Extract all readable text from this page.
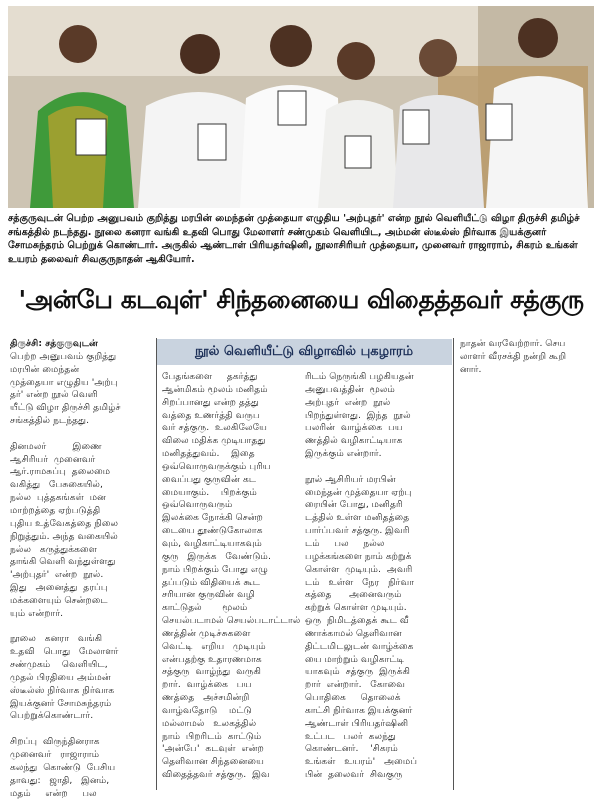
சத்குருவுடன் பெற்ற அனுபவம் குறித்து மரபின் மைந்தன் முத்தையா எழுதிய 'அற்புதர்' என்ற நூல் வெளியீட்டு விழா திருச்சி தமிழ்ச்
சங்கத்தில் நடந்தது. நூலை கனரா வங்கி உதவி பொது மேலாளர் சண்முகம் வெளியிட, அம்மன் ஸ்டீல்ஸ் நிர்வாக இயக்குனர்
சோமசுந்தரம் பெற்றுக் கொண்டார். அருகில் ஆண்டாள் பிரியதர்ஷினி, நூலாசிரியர் முத்தையா, முனைவர் ராஜாராம், சிகரம் உங்கள்
உயரம் தலைவர் சிவகுருநாதன் ஆகியோர்.
'அன்பே கடவுள்' சிந்தனையை விதைத்தவர் சத்குரு
நூல் வெளியீட்டு விழாவில் புகழாரம்
திருச்சி: சத்குருவுடன்
பெற்ற அனுபவம் குறித்து
மரபின் மைந்தன்
முத்தையா எழுதிய 'அற்பு
தர்' என்ற நூல் வெளி
யீட்டு விழா திருச்சி தமிழ்ச்
சங்கத்தில் நடந்தது.

தினமலர்         இணை
ஆசிரியர்  முனைவர்
ஆர்.ராமசுப்பு  தலைமை
வகித்து   பேசுகையில்,
நல்ல  புத்தகங்கள்  மன
மாற்றத்தை ஏற்படுத்தி
புதிய உத்வேகத்தை நிலை
நிறுத்தும். அந்த வகையில்
நல்ல   கருத்துக்களை
தாங்கி வெளி வந்துள்ளது
'அற்புதர்'  என்ற  நூல்.
இது   அனைத்து  தரப்பு
மக்களையும் சென்றடை
யும் என்றார்.

நூலை   கனரா   வங்கி
உதவி   பொது   மேலாளர்
சண்முகம்    வெளியிட,
முதல் பிரதியை அம்மன்
ஸ்டீல்ஸ் நிர்வாக நிர்வாக
இயக்குனர் சோமசுந்தரம்
பெற்றுக்கொண்டார்.

சிறப்பு  விருந்தினராக
முனைவர்   ராஜாராம்
கலந்து  கொண்டு  பேசிய
தாவது:   ஜாதி,   இனம்,
மதம்     என்ற     பல
பேதங்களை     தகர்த்து
ஆன்மிகம் மூலம் மனிதம்
சிறப்பானது என்ற தத்து
வத்தை உணர்த்தி வருப
வர் சத்குரு.  உலகிலேயே
விலை மதிக்க முடியாதது
மனிதத்துவம்.    இதை
ஒவ்வொருவருக்கும் புரிய
வைப்பது குருவின் கட
மையாகும்.    பிறக்கும்
ஒவ்வொருவரும்
இலக்கை நோக்கி சென்ற
டையை தூண்டுகோலாக
வும், வழிகாட்டியாகவும்
குரு   இருக்க   வேண்டும்.
நாம் பிறக்கும் போது எழு
தப்படும் விதியைக் கூட
சரியான குருவின் வழி
காட்டுதல்       மூலம்
செயல்படாமல் செயல்படாட்டால்
ணத்தின் முடிச்சுகளை
வெட்டி   எறிய   முடியும்
என்பதற்கு உதாரணமாக
சத்குரு  வாழ்ந்து  வருகி
றார்.  வாழ்க்கை   பய
ணத்தை   அச்சமின்றி
வாழ்வதோடு    மட்டு
மல்லாமல்   உலகத்தில்
நாம்  பிறரிடம்  காட்டும்
'அன்பே'  கடவுள்  என்ற
தெளிவான சிந்தனையை
விதைத்தவர் சத்குரு.  இவ
ரிடம் நெருங்கி பழகியதன்
அனுபவத்தின்  மூலம்
அற்புதர்  என்ற  நூல்
பிறந்துள்ளது.  இந்த  நூல்
பலரின்  வாழ்க்கை  பய
ணத்தில் வழிகாட்டியாக
இருக்கும் என்றார்.

நூல் ஆசிரியர் மரபின்
மைந்தன் முத்தையா ஏற்பு
ரையின் போது, மனிதரி
டத்தில் உள்ள மனிதத்தை
பார்ப்பவர் சத்குரு. இவரி
டம்     பல     நல்ல
பழக்கங்களை நாம் கற்றுக்
கொள்ள  முடியும்.  அவரி
டம்   உள்ள   நேர   நிர்வா
கத்தை      அனைவரும்
கற்றுக் கொள்ள முடியும்.
ஒரு  நிமிடத்தைக் கூட வீ
ணாக்காமல் தெளிவான
திட்டமிடலுடன் வாழ்க்கை
யை மாற்றும் வழிகாட்டி
யாகவும்  சத்குரு  இருக்கி
றார்  என்றார்.   கோவை
பொதிகை     தொலைக்
காட்சி நிர்வாக இயக்குனர்
ஆண்டாள் பிரியதர்ஷினி
உட்பட   பலர்  கலந்து
கொண்டனர்.    'சிகரம்
உங்கள்   உயரம்'   அமைப்
பின்  தலைவர்  சிவகுரு
நாதன் வரவேற்றார். செய
லாளர் வீரசக்தி நன்றி கூறி
னார்.
